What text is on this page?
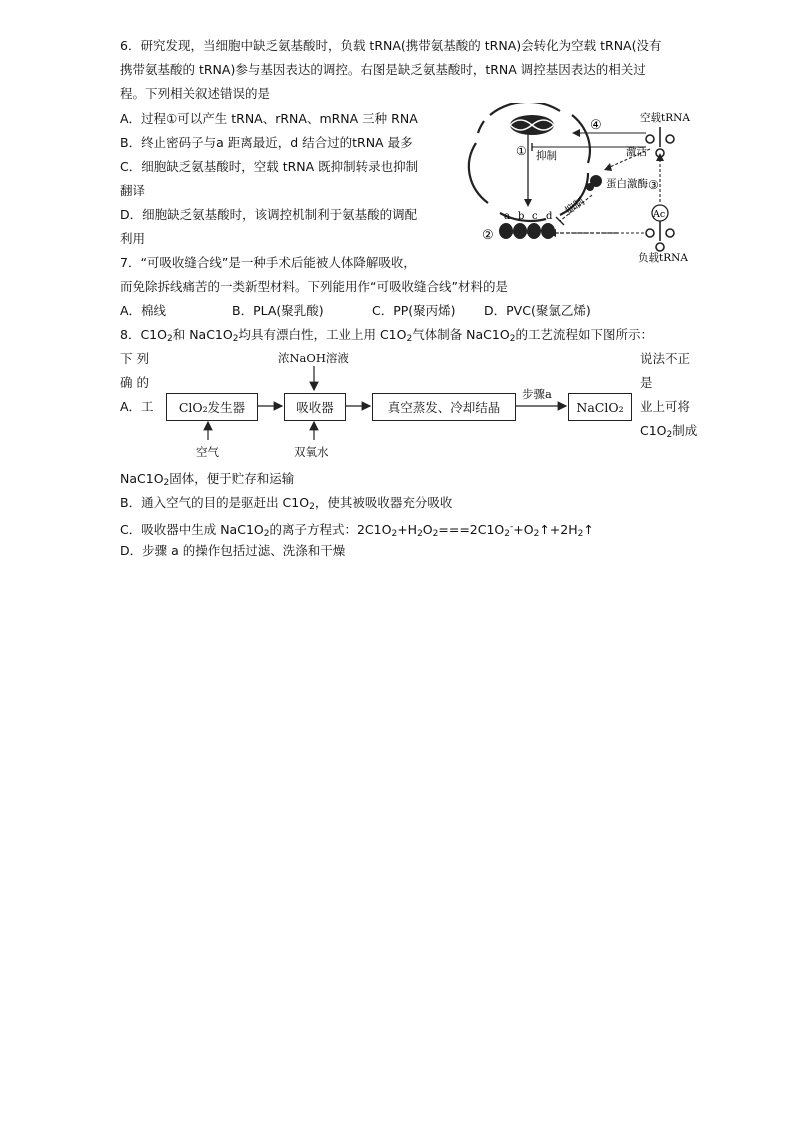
6．研究发现，当细胞中缺乏氨基酸时，负载 tRNA(携带氨基酸的 tRNA)会转化为空载 tRNA(没有
携带氨基酸的 tRNA)参与基因表达的调控。右图是缺乏氨基酸时，tRNA 调控基因表达的相关过
程。下列相关叙述错误的是
A．过程①可以产生 tRNA、rRNA、mRNA 三种 RNA
B．终止密码子与a 距离最近，d 结合过的tRNA 最多
C．细胞缺乏氨基酸时，空载 tRNA 既抑制转录也抑制
翻译
D．细胞缺乏氨基酸时，该调控机制利于氨基酸的调配
利用
① 抑制
④	空载tRNA
激活
蛋白激酶
抑制
③
Ac
负载tRNA
②
a b c d
7．“可吸收缝合线”是一种手术后能被人体降解吸收，
而免除拆线痛苦的一类新型材料。下列能用作“可吸收缝合线”材料的是
A．棉线	B．PLA(聚乳酸)	C．PP(聚丙烯) D．PVC(聚氯乙烯)
8．$C1O_2$和 $NaC1O_2$均具有漂白性，工业上用 $C1O_2$气体制备 $NaC1O_2$的工艺流程如下图所示：
下 列
确 的
A．工
说法不正
是
业上可将
$C1O_2$制成
ClO₂发生器	吸收器	真空蒸发、冷却结晶	NaClO₂
浓NaOH溶液
空气	双氧水
步骤a
$NaC1O_2$固体，便于贮存和运输
B．通入空气的目的是驱赶出 $C1O_2$，使其被吸收器充分吸收
C．吸收器中生成 $NaC1O_2$的离子方程式：$2C1O_2+H_2O_2===2C1O_2^-+O_2↑+2H_2↑$
D．步骤 a 的操作包括过滤、洗涤和干燥
